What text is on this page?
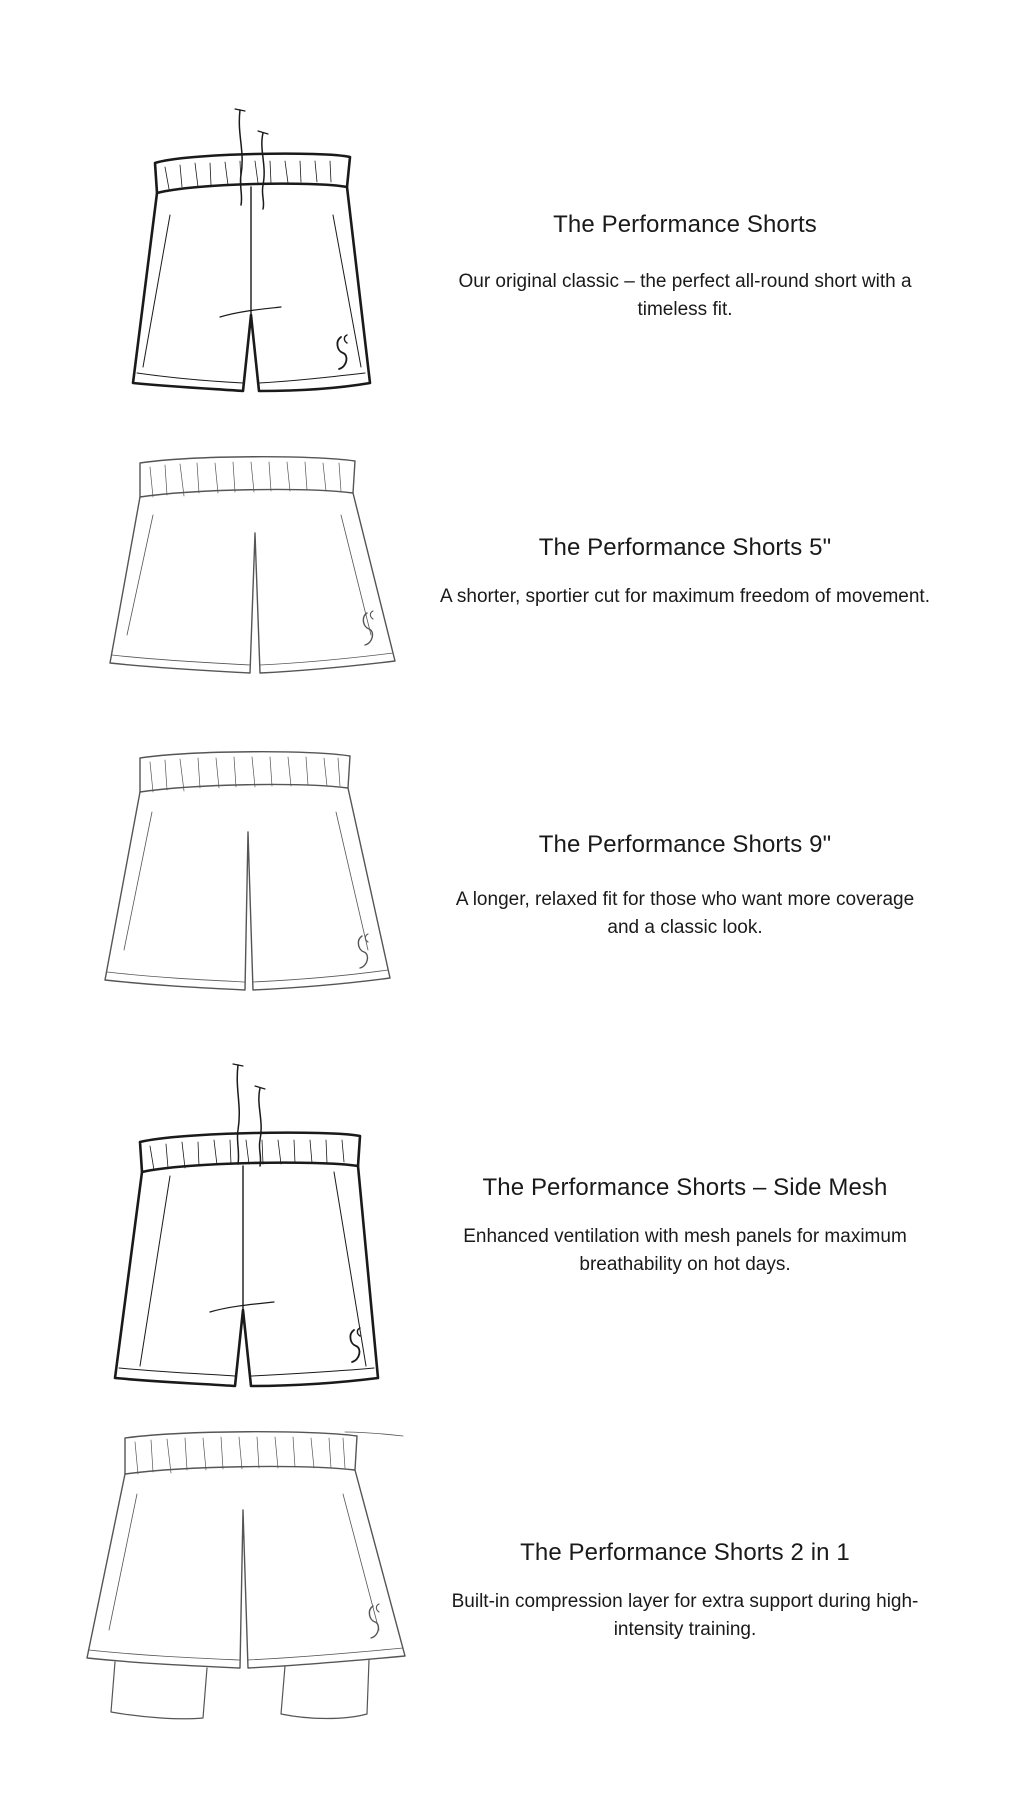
The Performance Shorts

Our original classic – the perfect all-round short with a timeless fit.

The Performance Shorts 5"

A shorter, sportier cut for maximum freedom of movement.

The Performance Shorts 9"

A longer, relaxed fit for those who want more coverage and a classic look.

The Performance Shorts – Side Mesh

Enhanced ventilation with mesh panels for maximum breathability on hot days.

The Performance Shorts 2 in 1

Built-in compression layer for extra support during high-intensity training.
